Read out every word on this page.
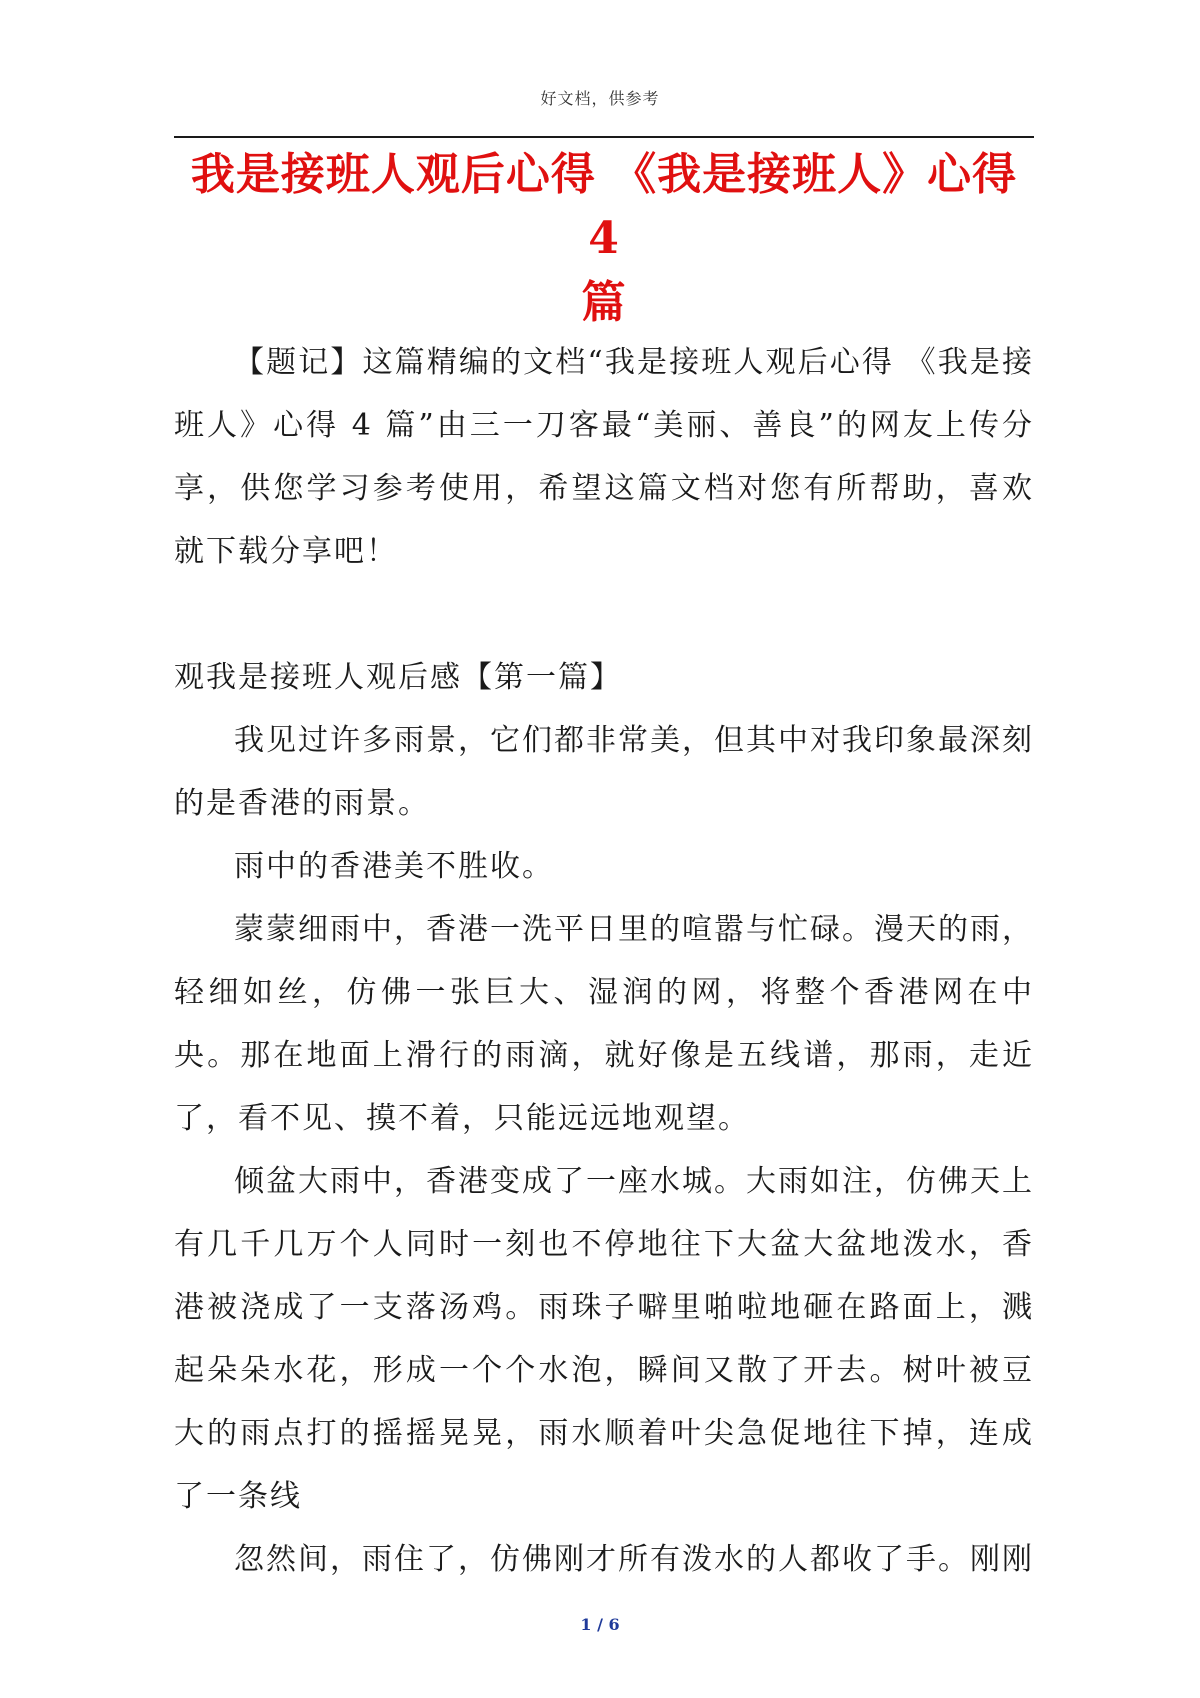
好文档，供参考
我是接班人观后心得 《我是接班人》心得 4
篇

【题记】这篇精编的文档“我是接班人观后心得 《我是接班人》心得 4 篇”由三一刀客最“美丽、善良”的网友上传分享，供您学习参考使用，希望这篇文档对您有所帮助，喜欢就下载分享吧！

观我是接班人观后感【第一篇】

我见过许多雨景，它们都非常美，但其中对我印象最深刻的是香港的雨景。

雨中的香港美不胜收。

蒙蒙细雨中，香港一洗平日里的喧嚣与忙碌。漫天的雨，轻细如丝，仿佛一张巨大、湿润的网，将整个香港网在中央。那在地面上滑行的雨滴，就好像是五线谱，那雨，走近了，看不见、摸不着，只能远远地观望。

倾盆大雨中，香港变成了一座水城。大雨如注，仿佛天上有几千几万个人同时一刻也不停地往下大盆大盆地泼水，香港被浇成了一支落汤鸡。雨珠子噼里啪啦地砸在路面上，溅起朵朵水花，形成一个个水泡，瞬间又散了开去。树叶被豆大的雨点打的摇摇晃晃，雨水顺着叶尖急促地往下掉，连成了一条线

忽然间，雨住了，仿佛刚才所有泼水的人都收了手。刚刚

1 / 6
